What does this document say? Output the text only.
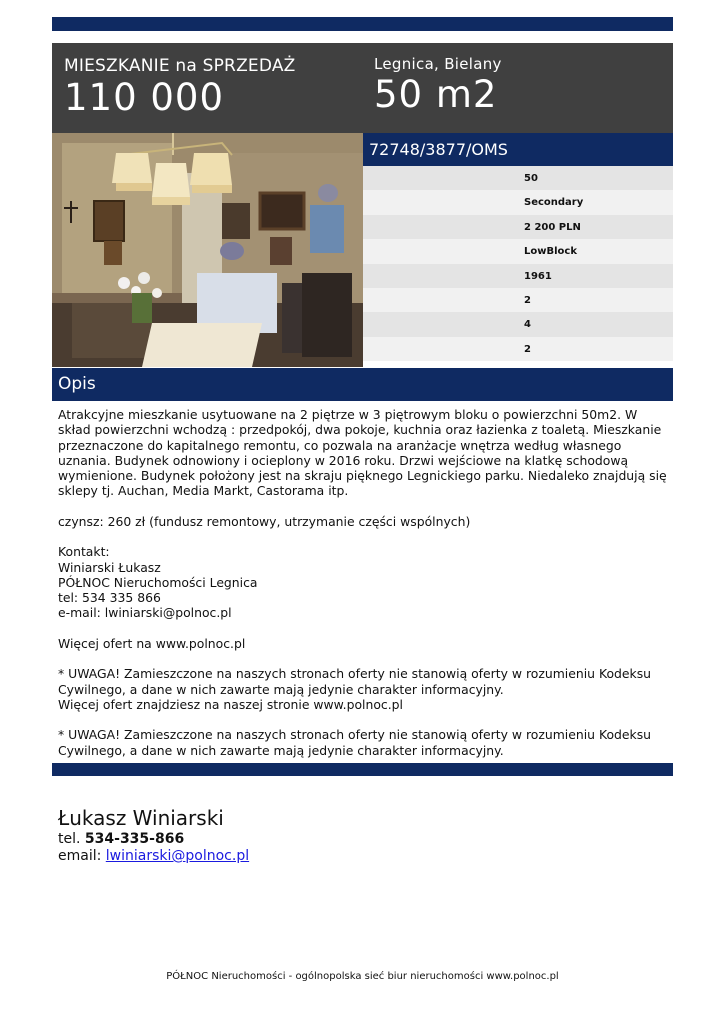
MIESZKANIE na SPRZEDAŻ
110 000
Legnica, Bielany
50 m2
72748/3877/OMS
50
Secondary
2 200 PLN
LowBlock
1961
2
4
2
Opis
Atrakcyjne mieszkanie usytuowane na 2 piętrze w 3 piętrowym bloku o powierzchni 50m2. W skład powierzchni wchodzą : przedpokój, dwa pokoje, kuchnia oraz łazienka z toaletą. Mieszkanie przeznaczone do kapitalnego remontu, co pozwala na aranżacje wnętrza według własnego uznania. Budynek odnowiony i ocieplony w 2016 roku. Drzwi wejściowe na klatkę schodową wymienione. Budynek położony jest na skraju pięknego Legnickiego parku. Niedaleko znajdują się sklepy tj. Auchan, Media Markt, Castorama itp.

czynsz: 260 zł (fundusz remontowy, utrzymanie części wspólnych)

Kontakt:
Winiarski Łukasz
PÓŁNOC Nieruchomości Legnica
tel: 534 335 866
e-mail: lwiniarski@polnoc.pl

Więcej ofert na www.polnoc.pl

* UWAGA! Zamieszczone na naszych stronach oferty nie stanowią oferty w rozumieniu Kodeksu Cywilnego, a dane w nich zawarte mają jedynie charakter informacyjny.
Więcej ofert znajdziesz na naszej stronie www.polnoc.pl

* UWAGA! Zamieszczone na naszych stronach oferty nie stanowią oferty w rozumieniu Kodeksu Cywilnego, a dane w nich zawarte mają jedynie charakter informacyjny.
Łukasz Winiarski
tel. 534-335-866
email: lwiniarski@polnoc.pl
PÓŁNOC Nieruchomości - ogólnopolska sieć biur nieruchomości www.polnoc.pl
